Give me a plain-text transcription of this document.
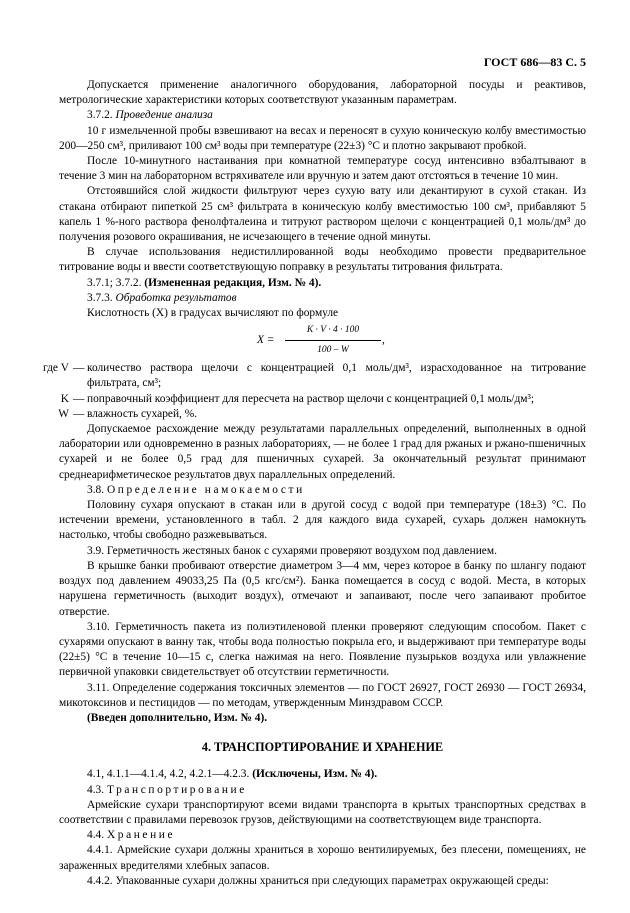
ГОСТ 686—83 С. 5

Допускается применение аналогичного оборудования, лабораторной посуды и реактивов, метрологические характеристики которых соответствуют указанным параметрам.

3.7.2. Проведение анализа

10 г измельченной пробы взвешивают на весах и переносят в сухую коническую колбу вместимостью 200—250 см³, приливают 100 см³ воды при температуре (22±3) °С и плотно закрывают пробкой.

После 10-минутного настаивания при комнатной температуре сосуд интенсивно взбалтывают в течение 3 мин на лабораторном встряхивателе или вручную и затем дают отстояться в течение 10 мин.

Отстоявшийся слой жидкости фильтруют через сухую вату или декантируют в сухой стакан. Из стакана отбирают пипеткой 25 см³ фильтрата в коническую колбу вместимостью 100 см³, прибавляют 5 капель 1 %-ного раствора фенолфталеина и титруют раствором щелочи с концентрацией 0,1 моль/дм³ до получения розового окрашивания, не исчезающего в течение одной минуты.

В случае использования недистиллированной воды необходимо провести предварительное титрование воды и ввести соответствующую поправку в результаты титрования фильтрата.

3.7.1; 3.7.2. (Измененная редакция, Изм. № 4).

3.7.3. Обработка результатов

Кислотность (X) в градусах вычисляют по формуле

$X = \frac{K \cdot V \cdot 4 \cdot 100}{100 - W}$ ,
где V — количество раствора щелочи с концентрацией 0,1 моль/дм³, израсходованное на титрование фильтрата, см³;
K — поправочный коэффициент для пересчета на раствор щелочи с концентрацией 0,1 моль/дм³;
W — влажность сухарей, %.

Допускаемое расхождение между результатами параллельных определений, выполненных в одной лаборатории или одновременно в разных лабораториях, — не более 1 град для ржаных и ржано-пшеничных сухарей и не более 0,5 град для пшеничных сухарей. За окончательный результат принимают среднеарифметическое результатов двух параллельных определений.

3.8. Определение намокаемости

Половину сухаря опускают в стакан или в другой сосуд с водой при температуре (18±3) °С. По истечении времени, установленного в табл. 2 для каждого вида сухарей, сухарь должен намокнуть настолько, чтобы свободно разжевываться.

3.9. Герметичность жестяных банок с сухарями проверяют воздухом под давлением.

В крышке банки пробивают отверстие диаметром 3—4 мм, через которое в банку по шлангу подают воздух под давлением 49033,25 Па (0,5 кгс/см²). Банка помещается в сосуд с водой. Места, в которых нарушена герметичность (выходит воздух), отмечают и запаивают, после чего запаивают пробитое отверстие.

3.10. Герметичность пакета из полиэтиленовой пленки проверяют следующим способом. Пакет с сухарями опускают в ванну так, чтобы вода полностью покрыла его, и выдерживают при температуре воды (22±5) °С в течение 10—15 с, слегка нажимая на него. Появление пузырьков воздуха или увлажнение первичной упаковки свидетельствует об отсутствии герметичности.

3.11. Определение содержания токсичных элементов — по ГОСТ 26927, ГОСТ 26930 — ГОСТ 26934, микотоксинов и пестицидов — по методам, утвержденным Минздравом СССР.

(Введен дополнительно, Изм. № 4).

4. ТРАНСПОРТИРОВАНИЕ И ХРАНЕНИЕ

4.1, 4.1.1—4.1.4, 4.2, 4.2.1—4.2.3. (Исключены, Изм. № 4).

4.3. Транспортирование

Армейские сухари транспортируют всеми видами транспорта в крытых транспортных средствах в соответствии с правилами перевозок грузов, действующими на соответствующем виде транспорта.

4.4. Хранение

4.4.1. Армейские сухари должны храниться в хорошо вентилируемых, без плесени, помещениях, не зараженных вредителями хлебных запасов.

4.4.2. Упакованные сухари должны храниться при следующих параметрах окружающей среды:
